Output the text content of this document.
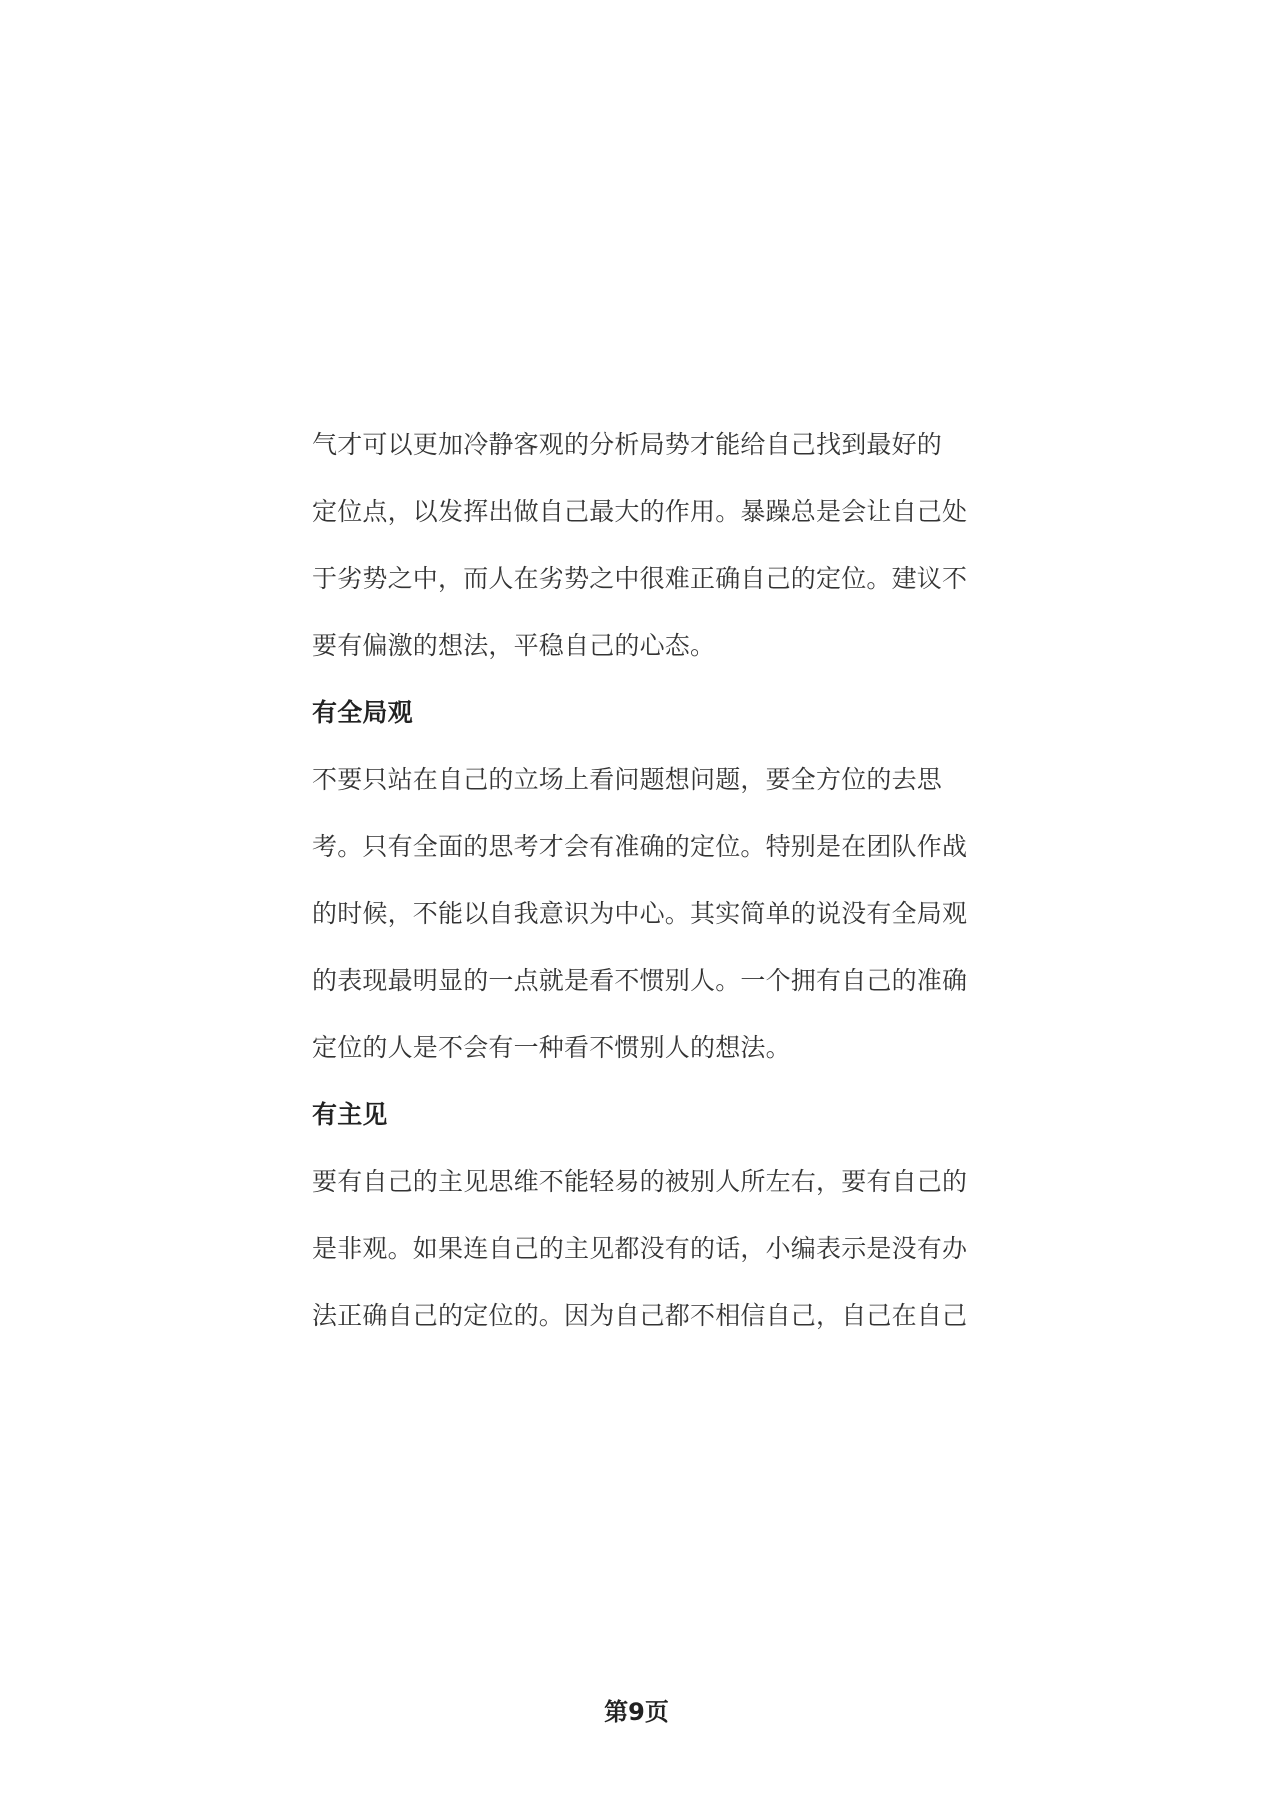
气才可以更加冷静客观的分析局势才能给自己找到最好的
定位点，以发挥出做自己最大的作用。暴躁总是会让自己处
于劣势之中，而人在劣势之中很难正确自己的定位。建议不
要有偏激的想法，平稳自己的心态。
有全局观
不要只站在自己的立场上看问题想问题，要全方位的去思
考。只有全面的思考才会有准确的定位。特别是在团队作战
的时候，不能以自我意识为中心。其实简单的说没有全局观
的表现最明显的一点就是看不惯别人。一个拥有自己的准确
定位的人是不会有一种看不惯别人的想法。
有主见
要有自己的主见思维不能轻易的被别人所左右，要有自己的
是非观。如果连自己的主见都没有的话，小编表示是没有办
法正确自己的定位的。因为自己都不相信自己，自己在自己
第9页
